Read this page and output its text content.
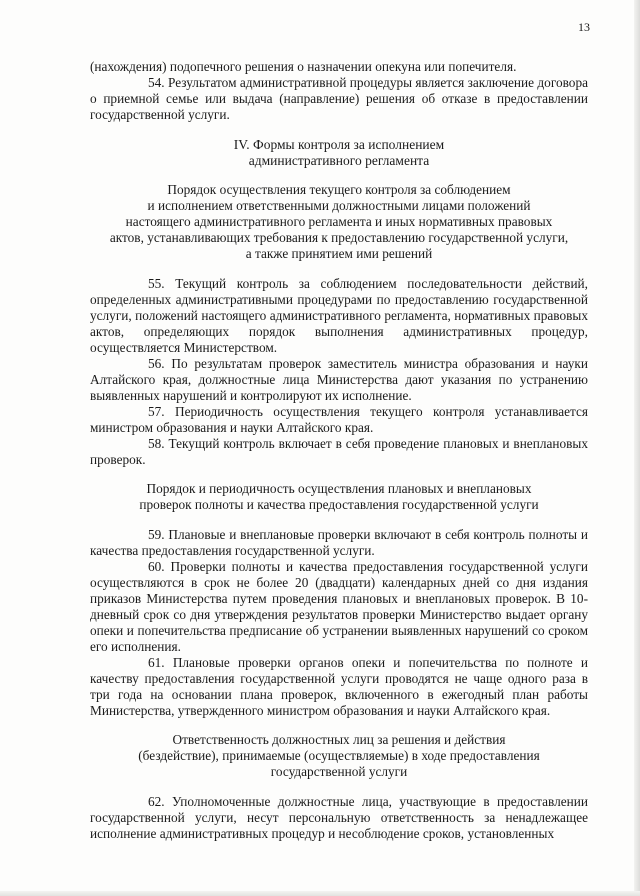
13

(нахождения) подопечного решения о назначении опекуна или попечителя.

54. Результатом административной процедуры является заключение договора о приемной семье или выдача (направление) решения об отказе в предоставлении государственной услуги.

IV. Формы контроля за исполнением
административного регламента
Порядок осуществления текущего контроля за соблюдением
и исполнением ответственными должностными лицами положений
настоящего административного регламента и иных нормативных правовых
актов, устанавливающих требования к предоставлению государственной услуги,
а также принятием ими решений

55. Текущий контроль за соблюдением последовательности действий, определенных административными процедурами по предоставлению государственной услуги, положений настоящего административного регламента, нормативных правовых актов, определяющих порядок выполнения административных процедур, осуществляется Министерством.

56. По результатам проверок заместитель министра образования и науки Алтайского края, должностные лица Министерства дают указания по устранению выявленных нарушений и контролируют их исполнение.

57. Периодичность осуществления текущего контроля устанавливается министром образования и науки Алтайского края.

58. Текущий контроль включает в себя проведение плановых и внеплановых проверок.

Порядок и периодичность осуществления плановых и внеплановых
проверок полноты и качества предоставления государственной услуги

59. Плановые и внеплановые проверки включают в себя контроль полноты и качества предоставления государственной услуги.

60. Проверки полноты и качества предоставления государственной услуги осуществляются в срок не более 20 (двадцати) календарных дней со дня издания приказов Министерства путем проведения плановых и внеплановых проверок. В 10-дневный срок со дня утверждения результатов проверки Министерство выдает органу опеки и попечительства предписание об устранении выявленных нарушений со сроком его исполнения.

61. Плановые проверки органов опеки и попечительства по полноте и качеству предоставления государственной услуги проводятся не чаще одного раза в три года на основании плана проверок, включенного в ежегодный план работы Министерства, утвержденного министром образования и науки Алтайского края.

Ответственность должностных лиц за решения и действия
(бездействие), принимаемые (осуществляемые) в ходе предоставления
государственной услуги

62. Уполномоченные должностные лица, участвующие в предоставлении государственной услуги, несут персональную ответственность за ненадлежащее исполнение административных процедур и несоблюдение сроков, установленных
